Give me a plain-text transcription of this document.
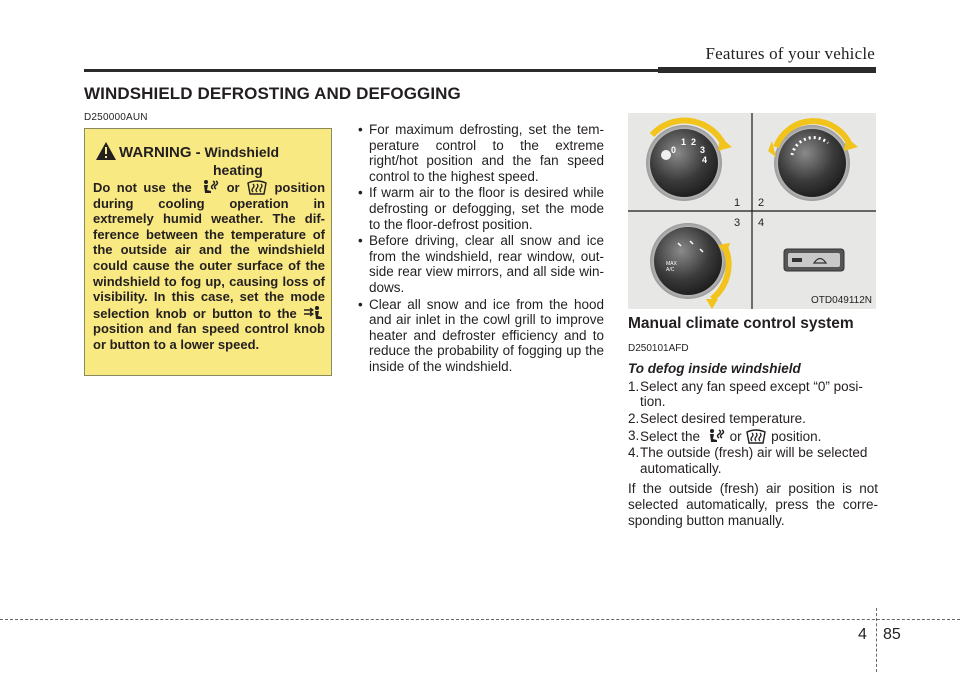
Features of your vehicle
WINDSHIELD DEFROSTING AND DEFOGGING
D250000AUN
WARNING - Windshield
heating
Do not use the	or	position during cooling operation in extremely humid weather. The dif- ference between the temperature of the outside air and the windshield could cause the outer surface of the windshield to fog up, causing loss of visibility. In this case, set the mode selection knob or button to the  position and fan speed control knob or button to a lower speed.
• For maximum defrosting, set the tem- perature control to the extreme right/hot position and the fan speed control to the highest speed.
• If warm air to the floor is desired while defrosting or defogging, set the mode to the floor-defrost position.
• Before driving, clear all snow and ice from the windshield, rear window, out- side rear view mirrors, and all side win- dows.
• Clear all snow and ice from the hood and air inlet in the cowl grill to improve heater and defroster efficiency and to reduce the probability of fogging up the inside of the windshield.
0
1 2
3
4
MAX
A/C
1 2
3 4
OTD049112N
Manual climate control system
D250101AFD
To defog inside windshield
1. Select any fan speed except “0” posi- tion.
2. Select desired temperature.
3. Select the or position.
4. The outside (fresh) air will be selected automatically.

If the outside (fresh) air position is not selected automatically, press the corre- sponding button manually.

4 85
